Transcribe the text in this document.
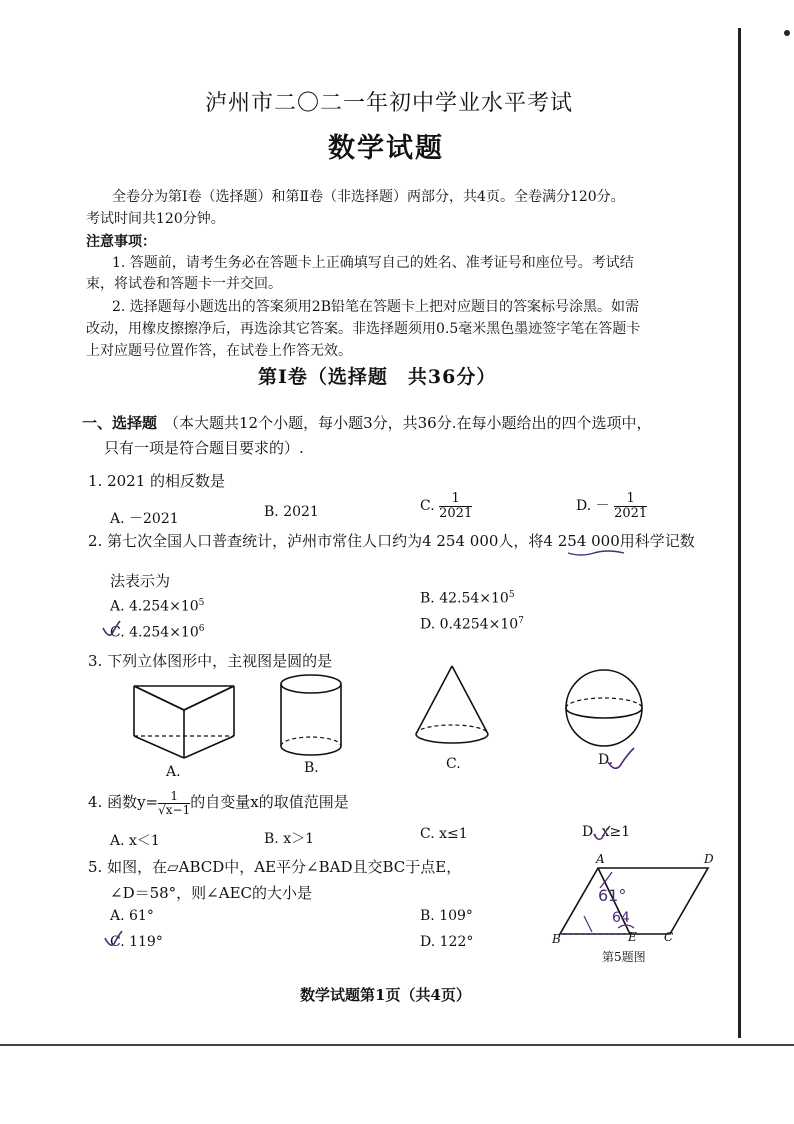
泸州市二〇二一年初中学业水平考试
数学试题
全卷分为第Ⅰ卷（选择题）和第Ⅱ卷（非选择题）两部分，共4页。全卷满分120分。
考试时间共120分钟。
注意事项：
1. 答题前，请考生务必在答题卡上正确填写自己的姓名、准考证号和座位号。考试结
束，将试卷和答题卡一并交回。
2. 选择题每小题选出的答案须用2B铅笔在答题卡上把对应题目的答案标号涂黑。如需
改动，用橡皮擦擦净后，再选涂其它答案。非选择题须用0.5毫米黑色墨迹签字笔在答题卡
上对应题号位置作答，在试卷上作答无效。
第Ⅰ卷（选择题　共36分）
一、选择题 （本大题共12个小题，每小题3分，共36分.在每小题给出的四个选项中，
只有一项是符合题目要求的）.
1. 2021 的相反数是
A. －2021	B. 2021	C. $\frac{1}{2021}$	D. － $\frac{1}{2021}$
2. 第七次全国人口普查统计，泸州市常住人口约为4 254 000人，将4 254 000用科学记数
法表示为
A. $4.254\times 10^5$	B. $42.54\times 10^5$
C. $4.254\times 10^6$	D. $0.4254\times 10^7$
3. 下列立体图形中，主视图是圆的是
A.	B.	C.	D.
4. 函数$y= \frac{1}{√x-1}$ 的自变量x的取值范围是
A. x＜1	B. x＞1	C. x≤1	D. x≥1
5. 如图，在▱ABCD中，AE平分∠BAD且交BC于点E，
∠D＝58°，则∠AEC的大小是
A. 61°	B. 109°
C. 119°	D. 122°
A	D
B	E C
61°
64
第5题图
数学试题第1页（共4页）
